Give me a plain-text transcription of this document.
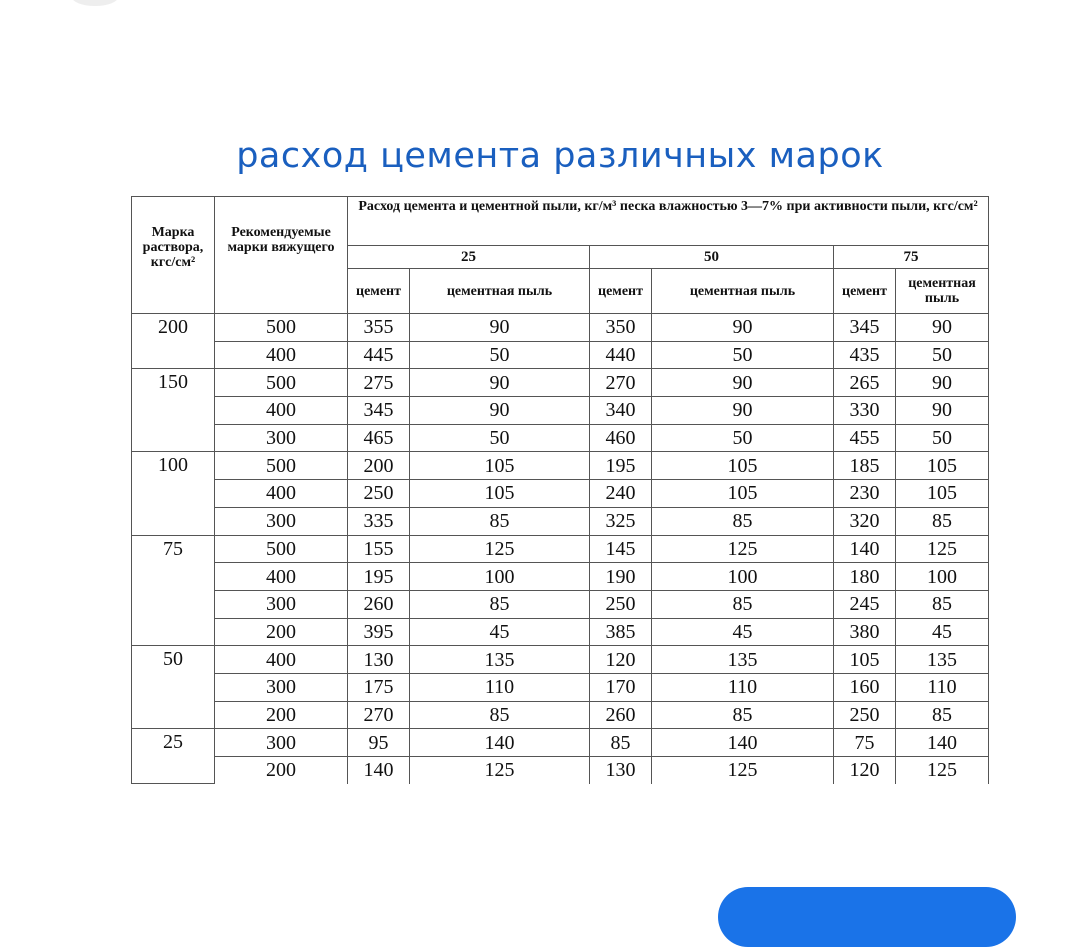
расход цемента различных марок
Марка раствора, кгс/см²	Рекомендуемые марки вяжущего	Расход цемента и цементной пыли, кг/м³ песка влажностью 3—7% при активности пыли, кгс/см²					
		25		50		75	
		цемент	цементная пыль	цемент	цементная пыль	цемент	цементная пыль
200	500	355	90	350	90	345	90
	400	445	50	440	50	435	50
150	500	275	90	270	90	265	90
	400	345	90	340	90	330	90
	300	465	50	460	50	455	50
100	500	200	105	195	105	185	105
	400	250	105	240	105	230	105
	300	335	85	325	85	320	85
75	500	155	125	145	125	140	125
	400	195	100	190	100	180	100
	300	260	85	250	85	245	85
	200	395	45	385	45	380	45
50	400	130	135	120	135	105	135
	300	175	110	170	110	160	110
	200	270	85	260	85	250	85
25	300	95	140	85	140	75	140
	200	140	125	130	125	120	125
